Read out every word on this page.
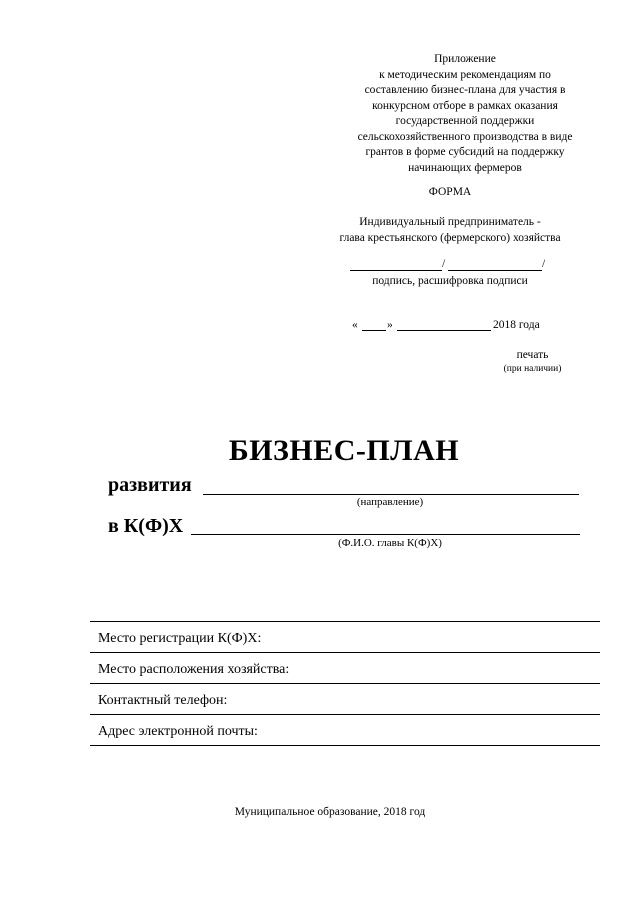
Приложение
к методическим рекомендациям по
составлению бизнес-плана для участия в
конкурсном отборе в рамках оказания
государственной поддержки
сельскохозяйственного производства в виде
грантов в форме субсидий на поддержку
начинающих фермеров
ФОРМА
Индивидуальный предприниматель -
глава крестьянского (фермерского) хозяйства
/	/
подпись, расшифровка подписи
«	»	2018 года
печать
(при наличии)
БИЗНЕС-ПЛАН
развития
(направление)
в К(Ф)Х
(Ф.И.О. главы К(Ф)Х)
Место регистрации К(Ф)Х:
Место расположения хозяйства:
Контактный телефон:
Адрес электронной почты:
Муниципальное образование, 2018 год
